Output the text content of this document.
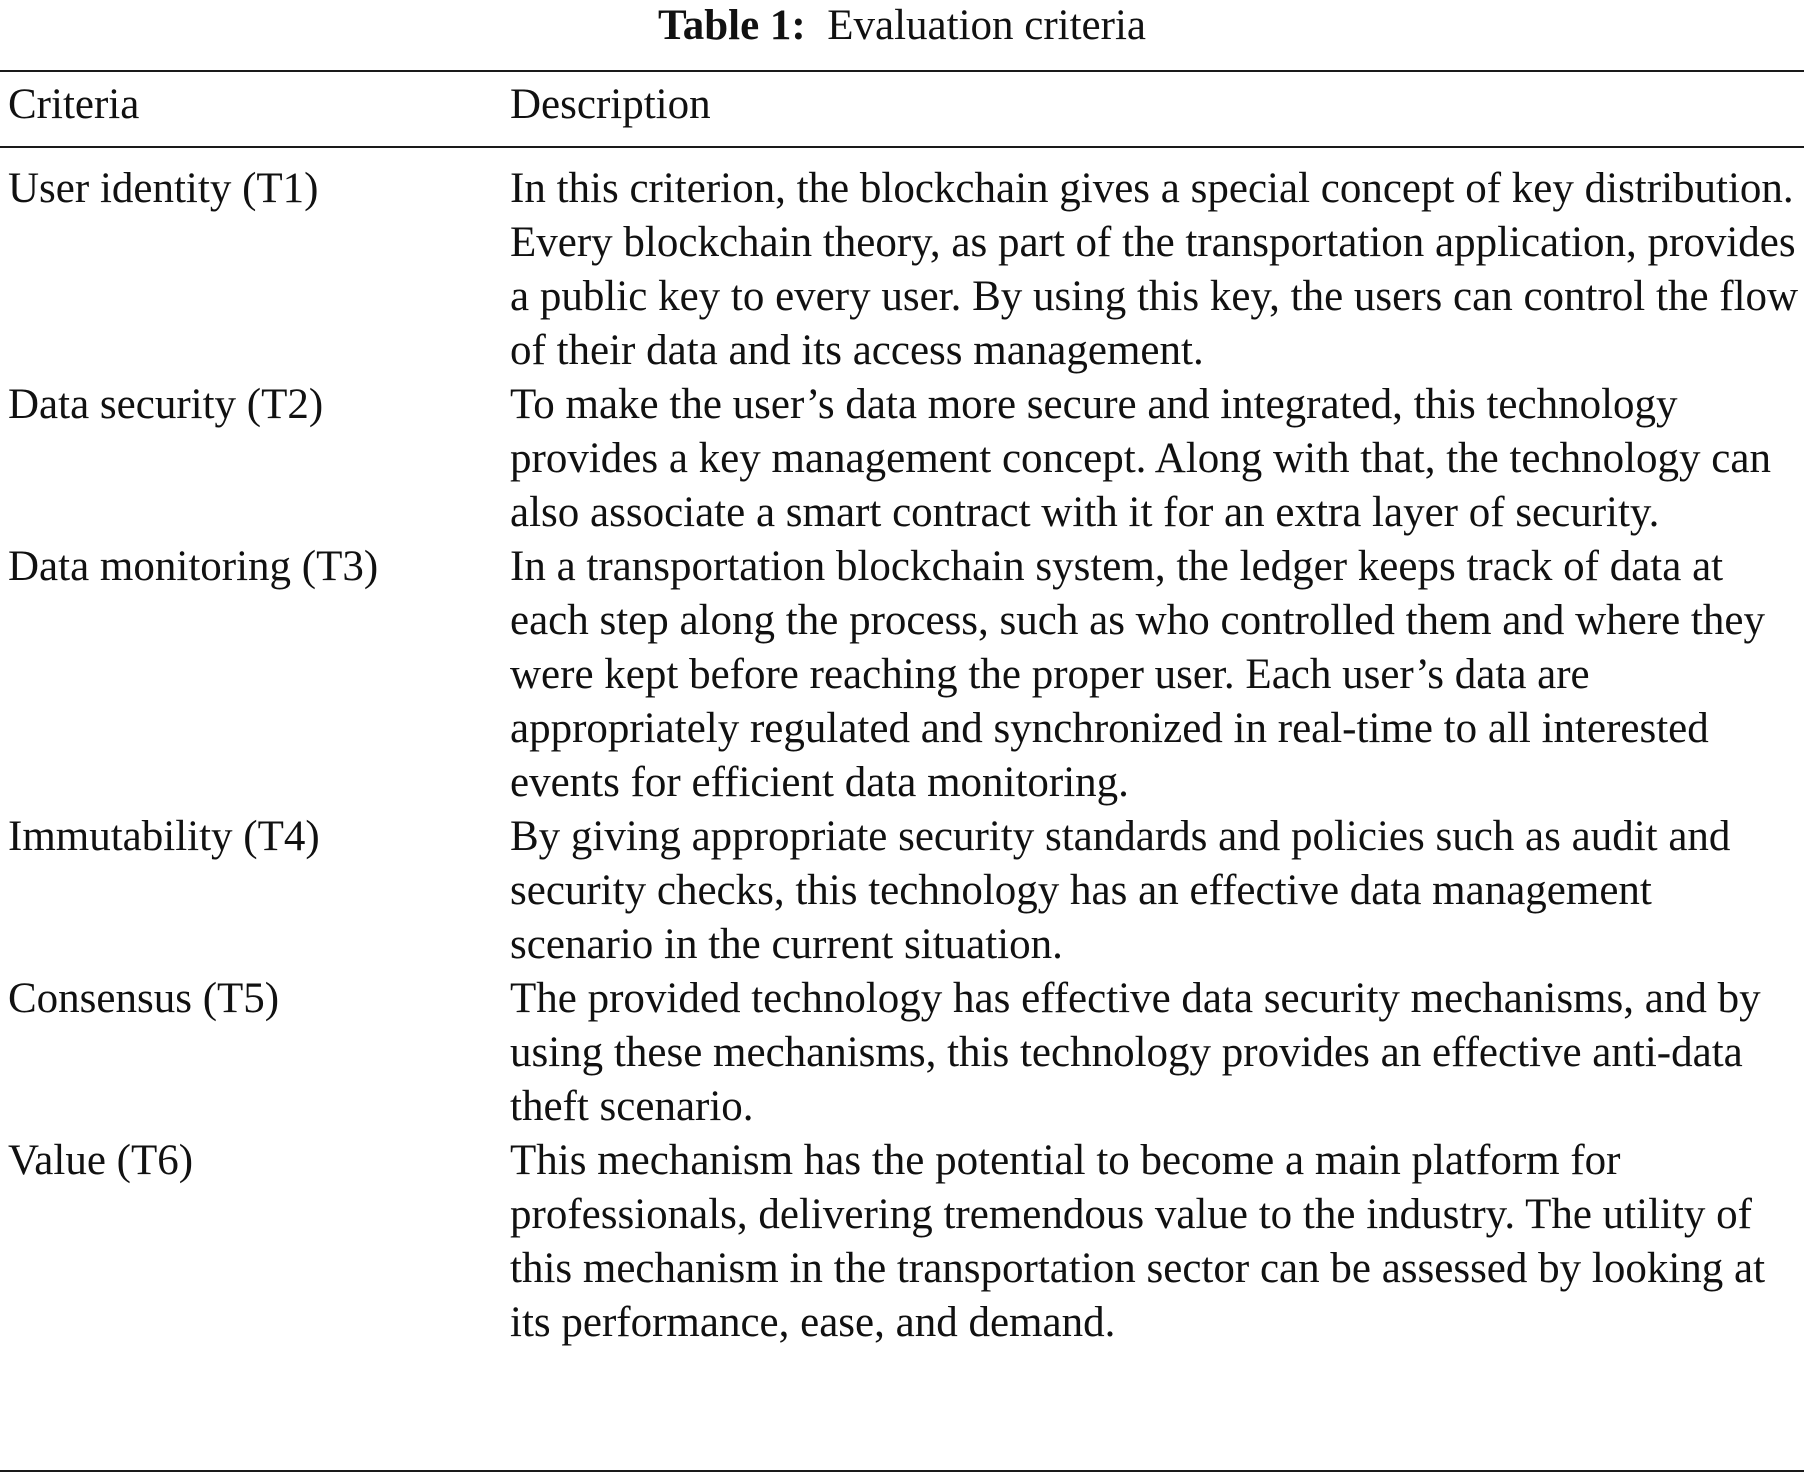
Table 1: Evaluation criteria
Criteria	Description
User identity (T1)	In this criterion, the blockchain gives a special concept of key distribution. Every blockchain theory, as part of the transportation application, provides a public key to every user. By using this key, the users can control the flow of their data and its access management.
Data security (T2)	To make the user’s data more secure and integrated, this technology provides a key management concept. Along with that, the technology can also associate a smart contract with it for an extra layer of security.
Data monitoring (T3)	In a transportation blockchain system, the ledger keeps track of data at each step along the process, such as who controlled them and where they were kept before reaching the proper user. Each user’s data are appropriately regulated and synchronized in real-time to all interested events for efficient data monitoring.
Immutability (T4)	By giving appropriate security standards and policies such as audit and security checks, this technology has an effective data management scenario in the current situation.
Consensus (T5)	The provided technology has effective data security mechanisms, and by using these mechanisms, this technology provides an effective anti-data theft scenario.
Value (T6)	This mechanism has the potential to become a main platform for professionals, delivering tremendous value to the industry. The utility of this mechanism in the transportation sector can be assessed by looking at its performance, ease, and demand.
